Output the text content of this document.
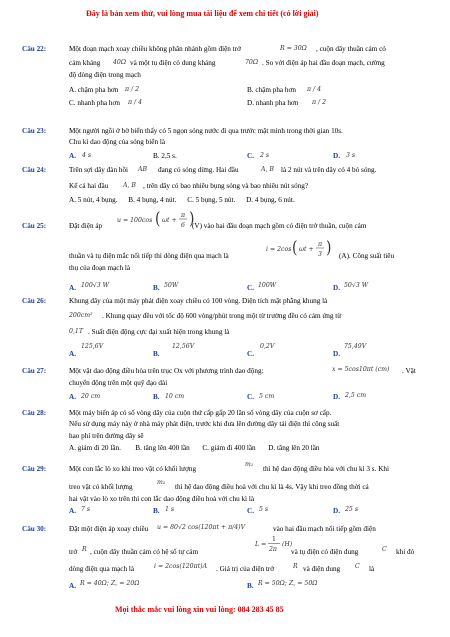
Đây là bản xem thử, vui lòng mua tài liệu để xem chi tiết (có lời giải)
Câu 22:	Một đoạn mạch xoay chiều không phân nhánh gồm điện trở	R = 30Ω , cuộn dây thuần cảm có
cảm kháng 40Ω và một tụ điện có dung kháng	70Ω . So với điện áp hai đầu đoạn mạch, cường
độ dòng điện trong mạch
A. chậm pha hơn π / 2	B. chậm pha hơn π / 4
C. nhanh pha hơn π / 4	D. nhanh pha hơn π / 2
Câu 23:	Một người ngồi ở bờ biển thấy có 5 ngọn sóng nước đi qua trước mặt mình trong thời gian 10s.
Chu kì dao động của sóng biển là
A. 4 s	B. 2,5 s.	C. 2 s	D. 3 s
Câu 24:	Trên sợi dây đàn hồi AB đang có sóng dừng. Hai đầu	A, B là 2 nút và trên dây có 4 bó sóng.
Kể cả hai đầu A, B , trên dây có bao nhiêu bụng sóng và bao nhiêu nút sóng?
A. 5 nút, 4 bụng.      B. 4 bụng, 4 nút.      C. 5 bụng, 5 nút.      D. 4 bụng, 6 nút.
Câu 25:	Đặt điện áp
u = 100cos ( ωt +
π
6 )
(V) vào hai đầu đoạn mạch gồm có điện trở thuần, cuộn cảm
i = 2cos ( ωt +
π
3 )
thuần và tụ điện mắc nối tiếp thì dòng điện qua mạch là	(A). Công suất tiêu
thụ của đoạn mạch là
A. 100√3 W	B. 50W	C. 100W	D. 50√3 W
Câu 26:	Khung dây của một máy phát điện xoay chiều có 100 vòng. Diện tích mặt phẳng khung là
200cm² . Khung quay đều với tốc độ 600 vòng/phút trong một từ trường đều có cảm ứng từ
0,1T . Suất điện động cực đại xuất hiện trong khung là
A.
125,6V
B.
12,56V
C.
0,2V
D.
75,49V
Câu 27:	Một vật dao động điều hòa trên trục Ox với phương trình dao động:	x = 5cos10πt (cm) . Vật
chuyển động trên một quỹ đạo dài
A. 20 cm	B. 10 cm	C. 5 cm	D. 2,5 cm
Câu 28:	Một máy biến áp có số vòng dây của cuộn thứ cấp gấp 20 lần số vòng dây của cuộn sơ cấp.
Nếu sử dụng máy này ở nhà máy phát điện, trước khi đưa lên đường dây tải điện thì công suất
hao phí trên đường dây sẽ
A. giảm đi 20 lần.        B. tăng lên 400 lần       C. giảm đi 400 lần       D. tăng lên 20 lần
Câu 29:	Một con lắc lò xo khi treo vật có khối lượng
m₁
thì hệ dao động điều hòa với chu kì 3 s. Khi
treo vật có khối lượng
m₂
thì hệ dao động điều hoà với chu kì là 4s. Vậy khi treo đồng thời cả
hai vật vào lò xo trên thì con lắc dao động điều hoà với chu kì là
A. 7 s	B. 1 s	C. 5 s	D. 25 s
Câu 30:	Đặt một điện áp xoay chiều u = 80√2 cos(120πt + π/4)V	vào hai đầu mạch nối tiếp gồm điện
L =
1
2π
(H)
trở R , cuộn dây thuần cảm có hệ số tự cảm	và tụ điện có điện dung	C khi đó
dòng điện qua mạch là	i = 2cos(120πt)A . Giá trị của điện trở	R và điện dung C là
A. R = 40Ω; Z꜀ = 20Ω	B. R = 50Ω; Z꜀ = 50Ω
Mọi thắc mắc vui lòng xin vui lòng: 084 283 45 85
